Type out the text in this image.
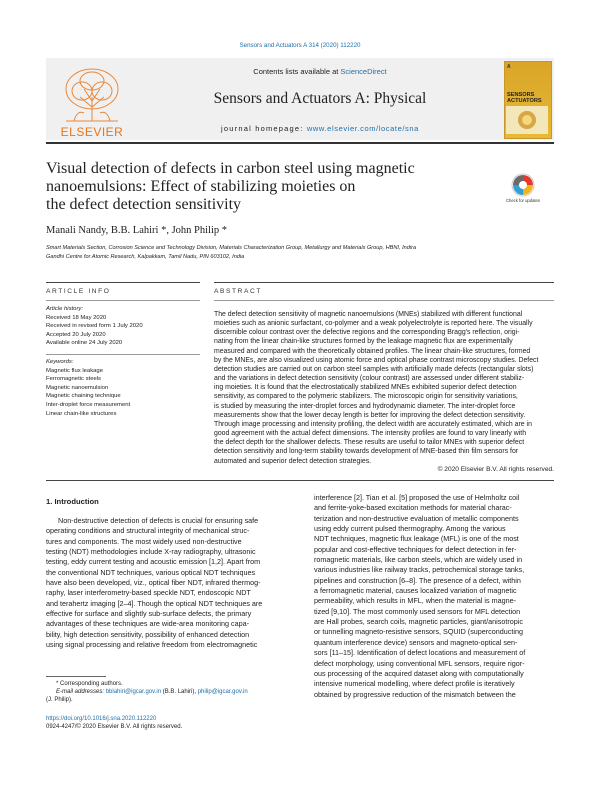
Sensors and Actuators A 314 (2020) 112220
ELSEVIER
Contents lists available at ScienceDirect
Sensors and Actuators A: Physical
journal homepage: www.elsevier.com/locate/sna
A
SENSORS ACTUATORS
Visual detection of defects in carbon steel using magnetic
nanoemulsions: Effect of stabilizing moieties on
the defect detection sensitivity	Check for updates
Manali Nandy, B.B. Lahiri *, John Philip *
Smart Materials Section, Corrosion Science and Technology Division, Materials Characterization Group, Metallurgy and Materials Group, HBNI, Indira
Gandhi Centre for Atomic Research, Kalpakkam, Tamil Nadu, PIN 603102, India
ARTICLE INFO	ABSTRACT
Article history:
Received 18 May 2020
Received in revised form 1 July 2020
Accepted 20 July 2020
Available online 24 July 2020
Keywords:
Magnetic flux leakage
Ferromagnetic steels
Magnetic nanoemulsion
Magnetic chaining technique
Inter-droplet force measurement
Linear chain-like structures
The defect detection sensitivity of magnetic nanoemulsions (MNEs) stabilized with different functional
moieties such as anionic surfactant, co-polymer and a weak polyelectrolyte is reported here. The visually
discernible colour contrast over the defective regions and the corresponding Bragg's reflection, origi-
nating from the linear chain-like structures formed by the leakage magnetic flux are experimentally
measured and compared with the theoretically obtained profiles. The linear chain-like structures, formed
by the MNEs, are also visualized using atomic force and optical phase contrast microscopy studies. Defect
detection studies are carried out on carbon steel samples with artificially made defects (rectangular slots)
and the variations in defect detection sensitivity (colour contrast) are assessed under different stabiliz-
ing moieties. It is found that the electrostatically stabilized MNEs exhibited superior defect detection
sensitivity, as compared to the polymeric stabilizers. The microscopic origin for sensitivity variations,
is studied by measuring the inter-droplet forces and hydrodynamic diameter. The inter-droplet force
measurements show that the lower decay length is better for improving the defect detection sensitivity.
Through image processing and intensity profiling, the defect width are accurately estimated, which are in
good agreement with the actual defect dimensions. The intensity profiles are found to vary linearly with
the defect depth for the shallower defects. These results are useful to tailor MNEs with superior defect
detection sensitivity and long-term stability towards development of MNE-based thin film sensors for
automated and superior defect detection strategies.
© 2020 Elsevier B.V. All rights reserved.
1. Introduction
Non-destructive detection of defects is crucial for ensuring safe
operating conditions and structural integrity of mechanical struc-
tures and components. The most widely used non-destructive
testing (NDT) methodologies include X-ray radiography, ultrasonic
testing, eddy current testing and acoustic emission [1,2]. Apart from
the conventional NDT techniques, various optical NDT techniques
have also been developed, viz., optical fiber NDT, infrared thermog-
raphy, laser interferometry-based speckle NDT, endoscopic NDT
and terahertz imaging [2–4]. Though the optical NDT techniques are
effective for surface and slightly sub-surface defects, the primary
advantages of these techniques are wide-area monitoring capa-
bility, high detection sensitivity, possibility of enhanced detection
using signal processing and relative freedom from electromagnetic
interference [2]. Tian et al. [5] proposed the use of Helmholtz coil
and ferrite-yoke-based excitation methods for material charac-
terization and non-destructive evaluation of metallic components
using eddy current pulsed thermography. Among the various
NDT techniques, magnetic flux leakage (MFL) is one of the most
popular and cost-effective techniques for defect detection in fer-
romagnetic materials, like carbon steels, which are widely used in
various industries like railway tracks, petrochemical storage tanks,
pipelines and construction [6–8]. The presence of a defect, within
a ferromagnetic material, causes localized variation of magnetic
permeability, which results in MFL, when the material is magne-
tized [9,10]. The most commonly used sensors for MFL detection
are Hall probes, search coils, magnetic particles, giant/anisotropic
or tunnelling magneto-resistive sensors, SQUID (superconducting
quantum interference device) sensors and magneto-optical sen-
sors [11–15]. Identification of defect locations and measurement of
defect morphology, using conventional MFL sensors, require rigor-
ous processing of the acquired dataset along with computationally
intensive numerical modelling, where defect profile is iteratively
obtained by progressive reduction of the mismatch between the
* Corresponding authors.
E-mail addresses: bblahiri@igcar.gov.in (B.B. Lahiri), philip@igcar.gov.in
(J. Philip).
https://doi.org/10.1016/j.sna.2020.112220
0924-4247/© 2020 Elsevier B.V. All rights reserved.
